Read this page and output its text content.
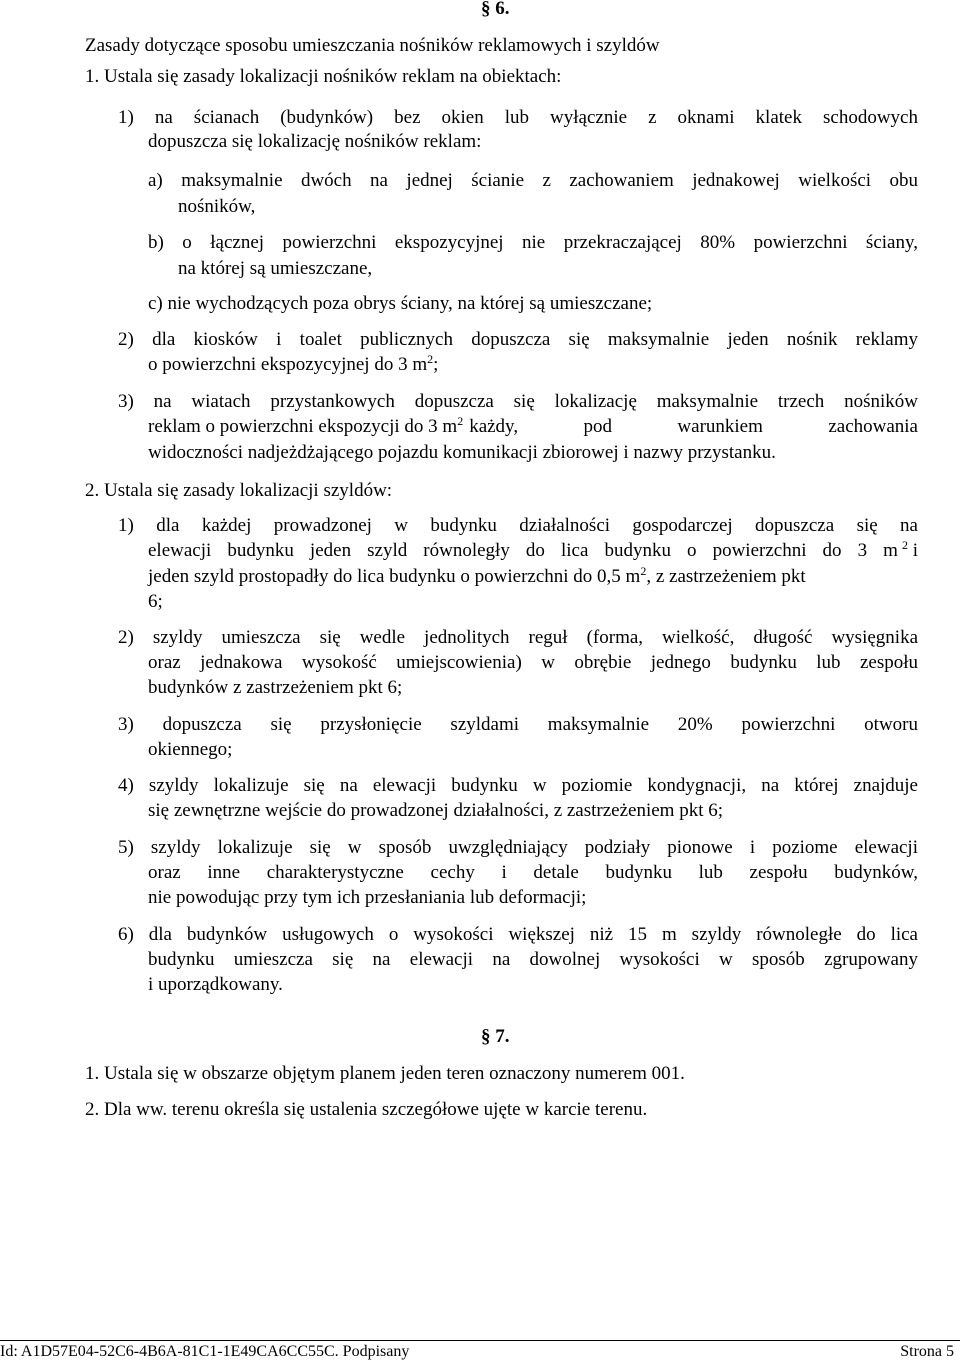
§ 6.
Zasady dotyczące sposobu umieszczania nośników reklamowych i szyldów
1. Ustala się zasady lokalizacji nośników reklam na obiektach:
1) na ścianach (budynków) bez okien lub wyłącznie z oknami klatek schodowych
dopuszcza się lokalizację nośników reklam:
a) maksymalnie dwóch na jednej ścianie z zachowaniem jednakowej wielkości obu
nośników,
b) o łącznej powierzchni ekspozycyjnej nie przekraczającej 80% powierzchni ściany,
na której są umieszczane,
c) nie wychodzących poza obrys ściany, na której są umieszczane;
2) dla kiosków i toalet publicznych dopuszcza się maksymalnie jeden nośnik reklamy
o powierzchni ekspozycyjnej do 3 $m^2$;
3) na wiatach przystankowych dopuszcza się lokalizację maksymalnie trzech nośników
reklam o powierzchni ekspozycji do 3 $m^2$ każdy, pod warunkiem zachowania
widoczności nadjeżdżającego pojazdu komunikacji zbiorowej i nazwy przystanku.
2. Ustala się zasady lokalizacji szyldów:
1) dla każdej prowadzonej w budynku działalności gospodarczej dopuszcza się na
elewacji budynku jeden szyld równoległy do lica budynku o powierzchni do 3 m $^2$ i
jeden szyld prostopadły do lica budynku o powierzchni do 0,5 $m^2$, z zastrzeżeniem pkt
6;
2) szyldy umieszcza się wedle jednolitych reguł (forma, wielkość, długość wysięgnika
oraz jednakowa wysokość umiejscowienia) w obrębie jednego budynku lub zespołu
budynków z zastrzeżeniem pkt 6;
3) dopuszcza się przysłonięcie szyldami maksymalnie 20% powierzchni otworu
okiennego;
4) szyldy lokalizuje się na elewacji budynku w poziomie kondygnacji, na której znajduje
się zewnętrzne wejście do prowadzonej działalności, z zastrzeżeniem pkt 6;
5) szyldy lokalizuje się w sposób uwzględniający podziały pionowe i poziome elewacji
oraz inne charakterystyczne cechy i detale budynku lub zespołu budynków,
nie powodując przy tym ich przesłaniania lub deformacji;
6) dla budynków usługowych o wysokości większej niż 15 m szyldy równoległe do lica
budynku umieszcza się na elewacji na dowolnej wysokości w sposób zgrupowany
i uporządkowany.
§ 7.
1. Ustala się w obszarze objętym planem jeden teren oznaczony numerem 001.
2. Dla ww. terenu określa się ustalenia szczegółowe ujęte w karcie terenu.
Id: A1D57E04-52C6-4B6A-81C1-1E49CA6CC55C. Podpisany	Strona 5
